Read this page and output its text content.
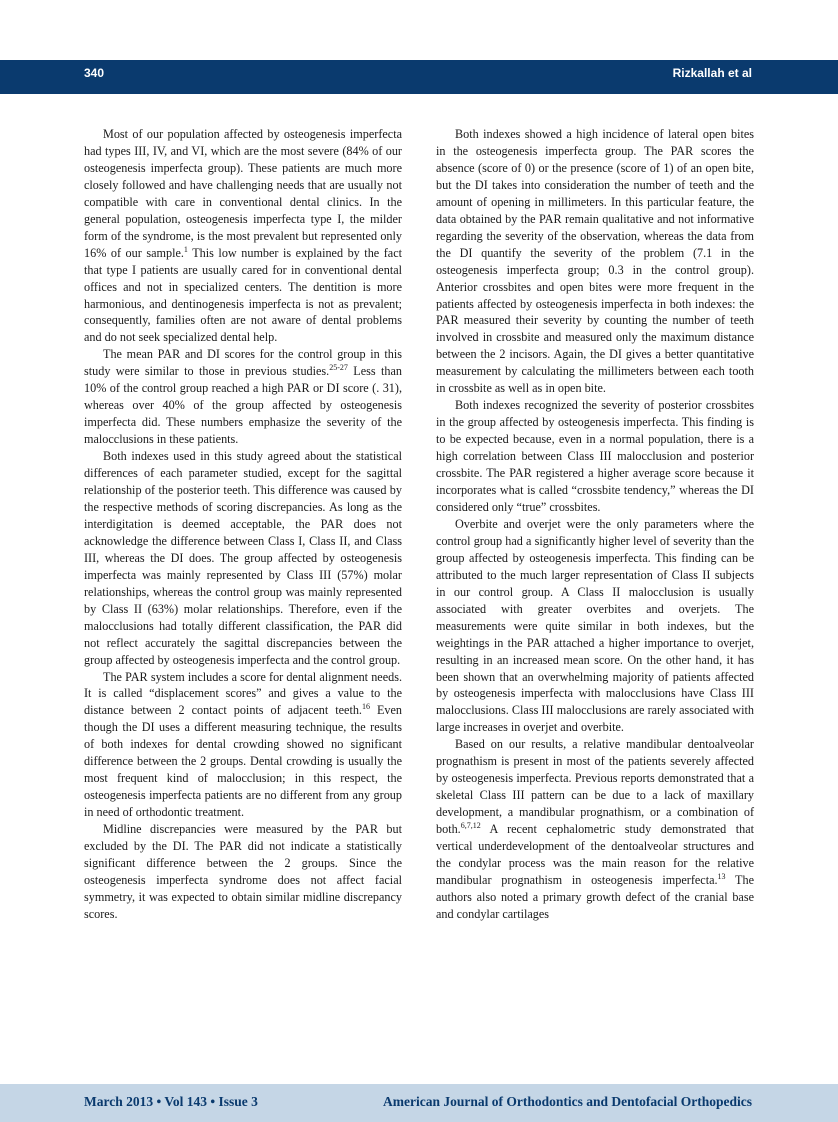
340	Rizkallah et al

Most of our population affected by osteogenesis imperfecta had types III, IV, and VI, which are the most severe (84% of our osteogenesis imperfecta group). These patients are much more closely followed and have challenging needs that are usually not compatible with care in conventional dental clinics. In the general population, osteogenesis imperfecta type I, the milder form of the syndrome, is the most prevalent but represented only 16% of our sample.$^1$ This low number is explained by the fact that type I patients are usually cared for in conventional dental offices and not in specialized centers. The dentition is more harmonious, and dentinogenesis imperfecta is not as prevalent; consequently, families often are not aware of dental problems and do not seek specialized dental help.

The mean PAR and DI scores for the control group in this study were similar to those in previous studies.$^{25-27}$ Less than 10% of the control group reached a high PAR or DI score (. 31), whereas over 40% of the group affected by osteogenesis imperfecta did. These numbers emphasize the severity of the malocclusions in these patients.

Both indexes used in this study agreed about the statistical differences of each parameter studied, except for the sagittal relationship of the posterior teeth. This difference was caused by the respective methods of scoring discrepancies. As long as the interdigitation is deemed acceptable, the PAR does not acknowledge the difference between Class I, Class II, and Class III, whereas the DI does. The group affected by osteogenesis imperfecta was mainly represented by Class III (57%) molar relationships, whereas the control group was mainly represented by Class II (63%) molar relationships. Therefore, even if the malocclusions had totally different classification, the PAR did not reflect accurately the sagittal discrepancies between the group affected by osteogenesis imperfecta and the control group.

The PAR system includes a score for dental alignment needs. It is called “displacement scores” and gives a value to the distance between 2 contact points of adjacent teeth.$^{16}$ Even though the DI uses a different measuring technique, the results of both indexes for dental crowding showed no significant difference between the 2 groups. Dental crowding is usually the most frequent kind of malocclusion; in this respect, the osteogenesis imperfecta patients are no different from any group in need of orthodontic treatment.

Midline discrepancies were measured by the PAR but excluded by the DI. The PAR did not indicate a statistically significant difference between the 2 groups. Since the osteogenesis imperfecta syndrome does not affect facial symmetry, it was expected to obtain similar midline discrepancy scores.

Both indexes showed a high incidence of lateral open bites in the osteogenesis imperfecta group. The PAR scores the absence (score of 0) or the presence (score of 1) of an open bite, but the DI takes into consideration the number of teeth and the amount of opening in millimeters. In this particular feature, the data obtained by the PAR remain qualitative and not informative regarding the severity of the observation, whereas the data from the DI quantify the severity of the problem (7.1 in the osteogenesis imperfecta group; 0.3 in the control group). Anterior crossbites and open bites were more frequent in the patients affected by osteogenesis imperfecta in both indexes: the PAR measured their severity by counting the number of teeth involved in crossbite and measured only the maximum distance between the 2 incisors. Again, the DI gives a better quantitative measurement by calculating the millimeters between each tooth in crossbite as well as in open bite.

Both indexes recognized the severity of posterior crossbites in the group affected by osteogenesis imperfecta. This finding is to be expected because, even in a normal population, there is a high correlation between Class III malocclusion and posterior crossbite. The PAR registered a higher average score because it incorporates what is called “crossbite tendency,” whereas the DI considered only “true” crossbites.

Overbite and overjet were the only parameters where the control group had a significantly higher level of severity than the group affected by osteogenesis imperfecta. This finding can be attributed to the much larger representation of Class II subjects in our control group. A Class II malocclusion is usually associated with greater overbites and overjets. The measurements were quite similar in both indexes, but the weightings in the PAR attached a higher importance to overjet, resulting in an increased mean score. On the other hand, it has been shown that an overwhelming majority of patients affected by osteogenesis imperfecta with malocclusions have Class III malocclusions. Class III malocclusions are rarely associated with large increases in overjet and overbite.

Based on our results, a relative mandibular dentoalveolar prognathism is present in most of the patients severely affected by osteogenesis imperfecta. Previous reports demonstrated that a skeletal Class III pattern can be due to a lack of maxillary development, a mandibular prognathism, or a combination of both.$^{6,7,12}$ A recent cephalometric study demonstrated that vertical underdevelopment of the dentoalveolar structures and the condylar process was the main reason for the relative mandibular prognathism in osteogenesis imperfecta.$^{13}$ The authors also noted a primary growth defect of the cranial base and condylar cartilages

March 2013 • Vol 143 • Issue 3	American Journal of Orthodontics and Dentofacial Orthopedics
